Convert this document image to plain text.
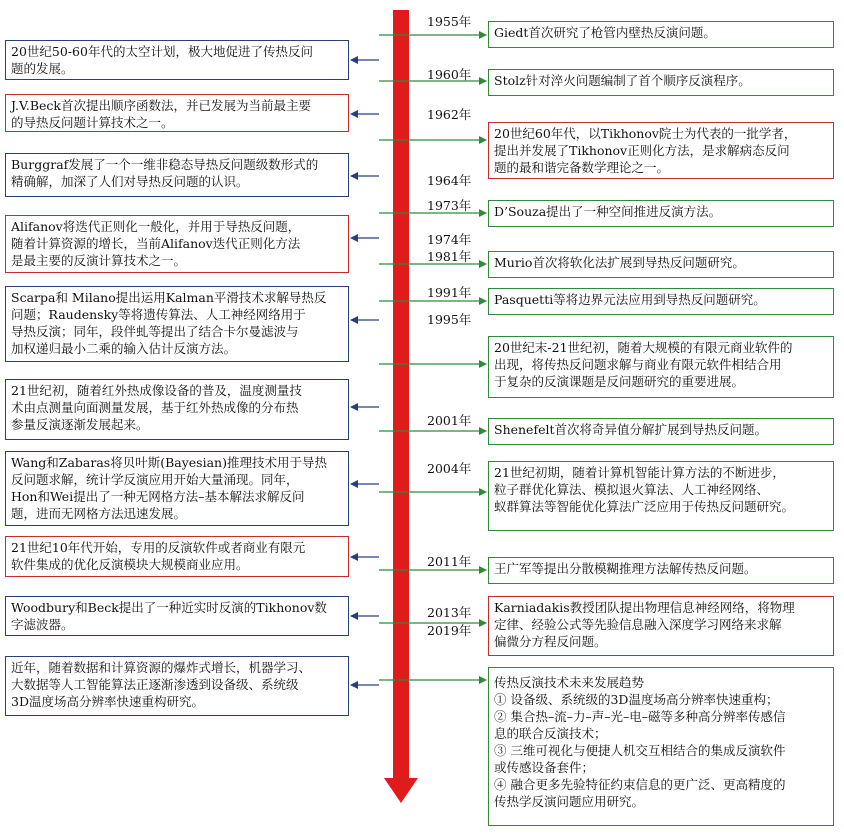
1955年
1960年
1962年
1964年
1973年
1974年
1981年
1991年
1995年
2001年
2004年
2011年
2013年
2019年
20世纪50-60年代的太空计划，极大地促进了传热反问
题的发展。
J.V.Beck首次提出顺序函数法，并已发展为当前最主要
的导热反问题计算技术之一。
Burggraf发展了一个一维非稳态导热反问题级数形式的
精确解，加深了人们对导热反问题的认识。
Alifanov将迭代正则化一般化，并用于导热反问题，
随着计算资源的增长，当前Alifanov迭代正则化方法
是最主要的反演计算技术之一。
Scarpa和 Milano提出运用Kalman平滑技术求解导热反
问题；Raudensky等将遗传算法、人工神经网络用于
导热反演；同年，段伴虬等提出了结合卡尔曼滤波与
加权递归最小二乘的输入估计反演方法。
21世纪初，随着红外热成像设备的普及，温度测量技
术由点测量向面测量发展，基于红外热成像的分布热
参量反演逐渐发展起来。
Wang和Zabaras将贝叶斯(Bayesian)推理技术用于导热
反问题求解，统计学反演应用开始大量涌现。同年，
Hon和Wei提出了一种无网格方法–基本解法求解反问
题，进而无网格方法迅速发展。
21世纪10年代开始，专用的反演软件或者商业有限元
软件集成的优化反演模块大规模商业应用。
Woodbury和Beck提出了一种近实时反演的Tikhonov数
字滤波器。
近年，随着数据和计算资源的爆炸式增长，机器学习、
大数据等人工智能算法正逐渐渗透到设备级、系统级
3D温度场高分辨率快速重构研究。
Giedt首次研究了枪管内壁热反演问题。
Stolz针对淬火问题编制了首个顺序反演程序。
20世纪60年代，以Tikhonov院士为代表的一批学者，
提出并发展了Tikhonov正则化方法，是求解病态反问
题的最和谐完备数学理论之一。
D’Souza提出了一种空间推进反演方法。
Murio首次将软化法扩展到导热反问题研究。
Pasquetti等将边界元法应用到导热反问题研究。
20世纪末-21世纪初，随着大规模的有限元商业软件的
出现，将传热反问题求解与商业有限元软件相结合用
于复杂的反演课题是反问题研究的重要进展。
Shenefelt首次将奇异值分解扩展到导热反问题。
21世纪初期，随着计算机智能计算方法的不断进步，
粒子群优化算法、模拟退火算法、人工神经网络、
蚁群算法等智能优化算法广泛应用于传热反问题研究。
王广军等提出分散模糊推理方法解传热反问题。
Karniadakis教授团队提出物理信息神经网络，将物理
定律、经验公式等先验信息融入深度学习网络来求解
偏微分方程反问题。
传热反演技术未来发展趋势
① 设备级、系统级的3D温度场高分辨率快速重构；
② 集合热–流–力–声–光–电–磁等多种高分辨率传感信
息的联合反演技术；
③ 三维可视化与便捷人机交互相结合的集成反演软件
或传感设备套件；
④ 融合更多先验特征约束信息的更广泛、更高精度的
传热学反演问题应用研究。
